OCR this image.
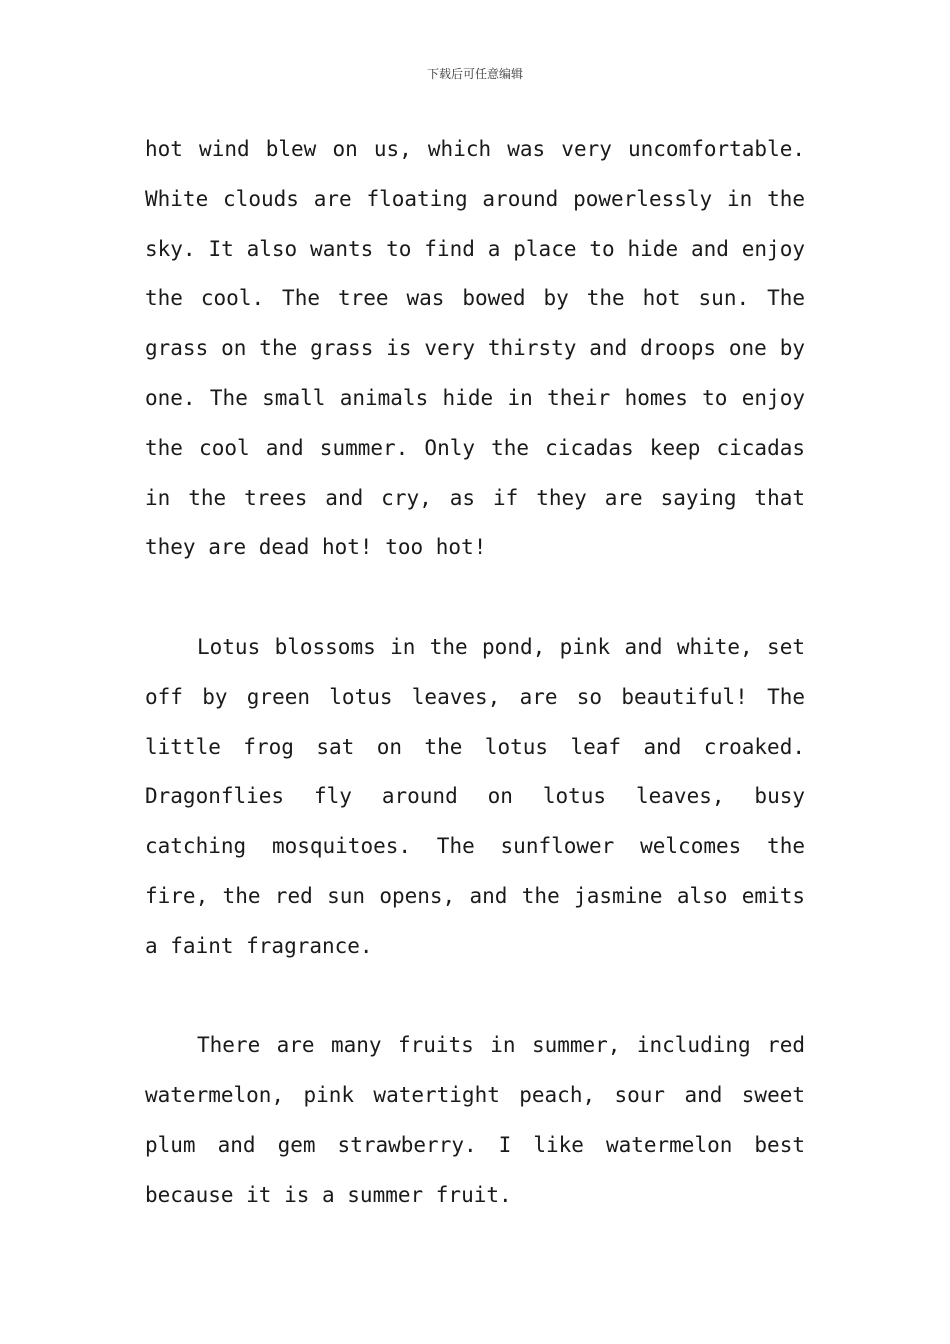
下载后可任意编辑

hot wind blew on us, which was very uncomfortable. White clouds are floating around powerlessly in the sky. It also wants to find a place to hide and enjoy the cool. The tree was bowed by the hot sun. The grass on the grass is very thirsty and droops one by one. The small animals hide in their homes to enjoy the cool and summer. Only the cicadas keep cicadas in the trees and cry, as if they are saying that they are dead hot! too hot!

Lotus blossoms in the pond, pink and white, set off by green lotus leaves, are so beautiful! The little frog sat on the lotus leaf and croaked. Dragonflies fly around on lotus leaves, busy catching mosquitoes. The sunflower welcomes the fire, the red sun opens, and the jasmine also emits a faint fragrance.

There are many fruits in summer, including red watermelon, pink watertight peach, sour and sweet plum and gem strawberry. I like watermelon best because it is a summer fruit.
